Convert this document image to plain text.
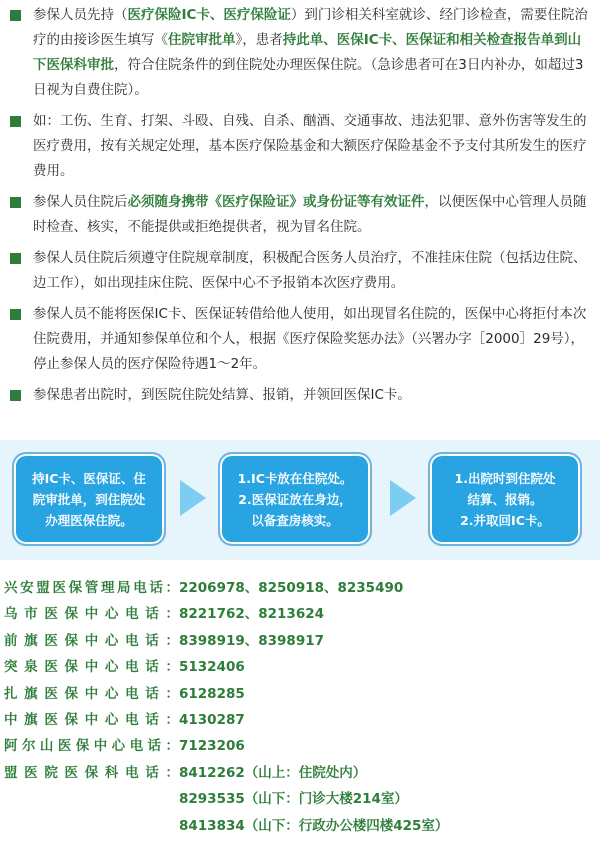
参保人员先持（医疗保险IC卡、医疗保险证）到门诊相关科室就诊、经门诊检查，需要住院治疗的由接诊医生填写《住院审批单》，患者持此单、医保IC卡、医保证和相关检查报告单到山下医保科审批，符合住院条件的到住院处办理医保住院。（急诊患者可在3日内补办，如超过3日视为自费住院）。
如：工伤、生育、打架、斗殴、自残、自杀、酗酒、交通事故、违法犯罪、意外伤害等发生的医疗费用，按有关规定处理，基本医疗保险基金和大额医疗保险基金不予支付其所发生的医疗费用。
参保人员住院后必须随身携带《医疗保险证》或身份证等有效证件，以便医保中心管理人员随时检查、核实，不能提供或拒绝提供者，视为冒名住院。
参保人员住院后须遵守住院规章制度，积极配合医务人员治疗，不准挂床住院（包括边住院、边工作），如出现挂床住院、医保中心不予报销本次医疗费用。
参保人员不能将医保IC卡、医保证转借给他人使用，如出现冒名住院的，医保中心将拒付本次住院费用，并通知参保单位和个人，根据《医疗保险奖惩办法》（兴署办字［2000］29号），停止参保人员的医疗保险待遇1～2年。
参保患者出院时，到医院住院处结算、报销，并领回医保IC卡。
持IC卡、医保证、住
院审批单，到住院处
办理医保住院。
1.IC卡放在住院处。
2.医保证放在身边，
以备查房核实。
1.出院时到住院处
结算、报销。
2.并取回IC卡。
兴安盟医保管理局电话：2206978、8250918、8235490
乌市医保中心电话：8221762、8213624
前旗医保中心电话：8398919、8398917
突泉医保中心电话：5132406
扎旗医保中心电话：6128285
中旗医保中心电话：4130287
阿尔山医保中心电话：7123206
盟医院医保科电话：8412262（山上：住院处内）
8293535（山下：门诊大楼214室）
8413834（山下：行政办公楼四楼425室）
